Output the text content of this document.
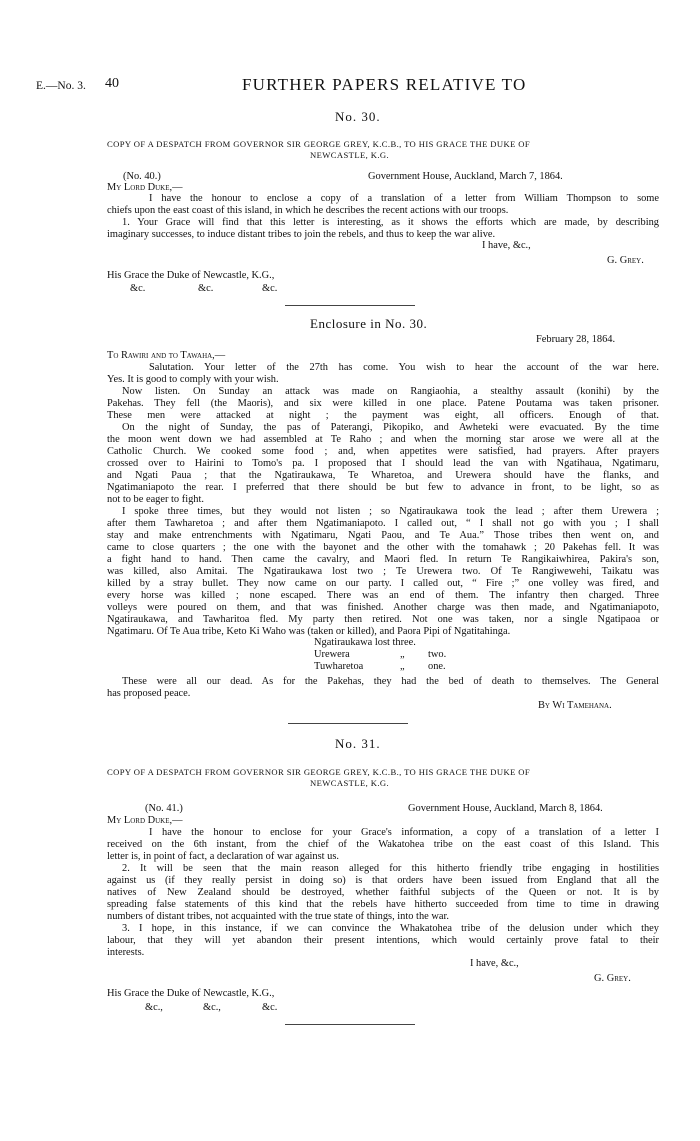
E.—No. 3. 40	FURTHER PAPERS RELATIVE TO
No. 30.
COPY OF A DESPATCH FROM GOVERNOR SIR GEORGE GREY, K.C.B., TO HIS GRACE THE DUKE OF
NEWCASTLE, K.G.
(No. 40.)	Government House, Auckland, March 7, 1864.
My Lord Duke,—
I have the honour to enclose a copy of a translation of a letter from William Thompson to some
chiefs upon the east coast of this island, in which he describes the recent actions with our troops.
1. Your Grace will find that this letter is interesting, as it shows the efforts which are made, by describing
imaginary successes, to induce distant tribes to join the rebels, and thus to keep the war alive.
I have, &c.,
G. Grey.
His Grace the Duke of Newcastle, K.G.,
&c.	&c.	&c.
Enclosure in No. 30.
February 28, 1864.
To Rawiri and to Tawaha,—
Salutation. Your letter of the 27th has come. You wish to hear the account of the war here.
Yes. It is good to comply with your wish.
Now listen. On Sunday an attack was made on Rangiaohia, a stealthy assault (konihi) by the
Pakehas. They fell (the Maoris), and six were killed in one place. Patene Poutama was taken prisoner.
These men were attacked at night ; the payment was eight, all officers. Enough of that.
On the night of Sunday, the pas of Paterangi, Pikopiko, and Awheteki were evacuated. By the time
the moon went down we had assembled at Te Raho ; and when the morning star arose we were all at the
Catholic Church. We cooked some food ; and, when appetites were satisfied, had prayers. After prayers
crossed over to Hairini to Tomo's pa. I proposed that I should lead the van with Ngatihaua, Ngatimaru,
and Ngati Paua ; that the Ngatiraukawa, Te Wharetoa, and Urewera should have the flanks, and
Ngatimaniapoto the rear. I preferred that there should be but few to advance in front, to be light, so as
not to be eager to fight.
I spoke three times, but they would not listen ; so Ngatiraukawa took the lead ; after them Urewera ;
after them Tawharetoa ; and after them Ngatimaniapoto. I called out, “ I shall not go with you ; I shall
stay and make entrenchments with Ngatimaru, Ngati Paou, and Te Aua.” Those tribes then went on, and
came to close quarters ; the one with the bayonet and the other with the tomahawk ; 20 Pakehas fell. It was
a fight hand to hand. Then came the cavalry, and Maori fled. In return Te Rangikaiwhirea, Pakira's son,
was killed, also Amitai. The Ngatiraukawa lost two ; Te Urewera two. Of Te Rangiwewehi, Taikatu was
killed by a stray bullet. They now came on our party. I called out, “ Fire ;” one volley was fired, and
every horse was killed ; none escaped. There was an end of them. The infantry then charged. Three
volleys were poured on them, and that was finished. Another charge was then made, and Ngatimaniapoto,
Ngatiraukawa, and Tawharitoa fled. My party then retired. Not one was taken, nor a single Ngatipaoa or
Ngatimaru. Of Te Aua tribe, Keto Ki Waho was (taken or killed), and Paora Pipi of Ngatitahinga.
Ngatiraukawa lost three.
Urewera	„ two.
Tuwharetoa	„ one.
These were all our dead. As for the Pakehas, they had the bed of death to themselves. The General
has proposed peace.
By Wi Tamehana.
No. 31.
COPY OF A DESPATCH FROM GOVERNOR SIR GEORGE GREY, K.C.B., TO HIS GRACE THE DUKE OF
NEWCASTLE, K.G.
(No. 41.)	Government House, Auckland, March 8, 1864.
My Lord Duke,—
I have the honour to enclose for your Grace's information, a copy of a translation of a letter I
received on the 6th instant, from the chief of the Wakatohea tribe on the east coast of this Island. This
letter is, in point of fact, a declaration of war against us.
2. It will be seen that the main reason alleged for this hitherto friendly tribe engaging in hostilities
against us (if they really persist in doing so) is that orders have been issued from England that all the
natives of New Zealand should be destroyed, whether faithful subjects of the Queen or not. It is by
spreading false statements of this kind that the rebels have hitherto succeeded from time to time in drawing
numbers of distant tribes, not acquainted with the true state of things, into the war.
3. I hope, in this instance, if we can convince the Whakatohea tribe of the delusion under which they
labour, that they will yet abandon their present intentions, which would certainly prove fatal to their
interests.
I have, &c.,
G. Grey.
His Grace the Duke of Newcastle, K.G.,
&c.,	&c.,	&c.
